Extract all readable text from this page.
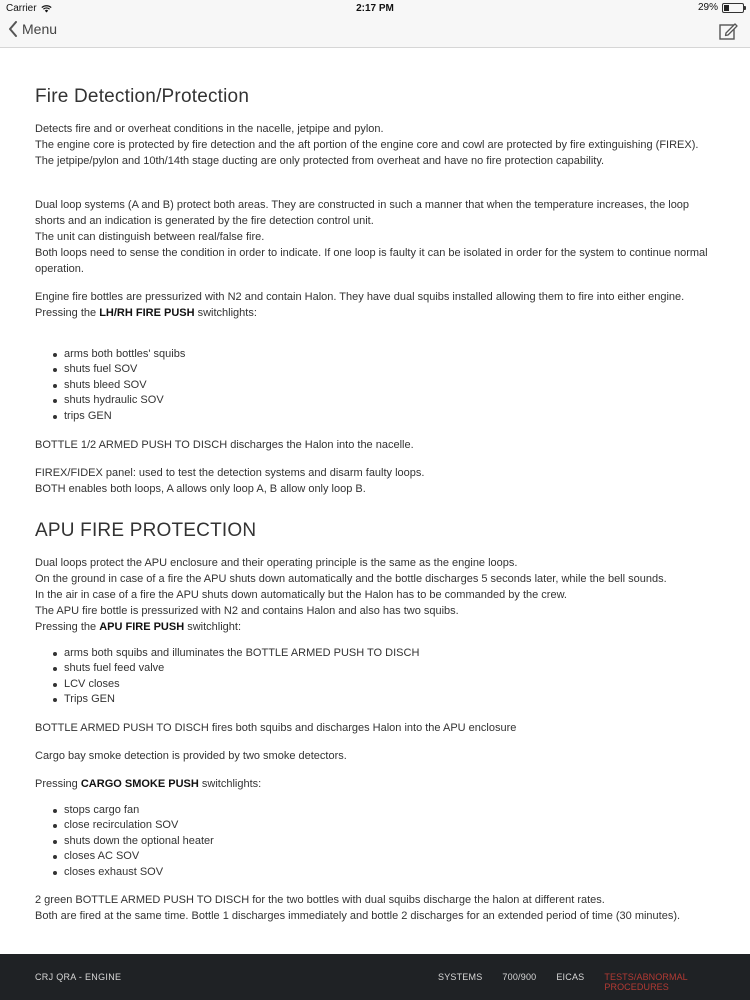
Carrier	2:17 PM	29%
Menu
Fire Detection/Protection

Detects fire and or overheat conditions in the nacelle, jetpipe and pylon.

The engine core is protected by fire detection and the aft portion of the engine core and cowl are protected by fire extinguishing (FIREX).

The jetpipe/pylon and 10th/14th stage ducting are only protected from overheat and have no fire protection capability.

Dual loop systems (A and B) protect both areas. They are constructed in such a manner that when the temperature increases, the loop shorts and an indication is generated by the fire detection control unit.

The unit can distinguish between real/false fire.

Both loops need to sense the condition in order to indicate. If one loop is faulty it can be isolated in order for the system to continue normal operation.

Engine fire bottles are pressurized with N2 and contain Halon. They have dual squibs installed allowing them to fire into either engine.

Pressing the LH/RH FIRE PUSH switchlights:

arms both bottles' squibs
shuts fuel SOV
shuts bleed SOV
shuts hydraulic SOV
trips GEN

BOTTLE 1/2 ARMED PUSH TO DISCH discharges the Halon into the nacelle.

FIREX/FIDEX panel: used to test the detection systems and disarm faulty loops.

BOTH enables both loops, A allows only loop A, B allow only loop B.

APU FIRE PROTECTION

Dual loops protect the APU enclosure and their operating principle is the same as the engine loops.

On the ground in case of a fire the APU shuts down automatically and the bottle discharges 5 seconds later, while the bell sounds.

In the air in case of a fire the APU shuts down automatically but the Halon has to be commanded by the crew.

The APU fire bottle is pressurized with N2 and contains Halon and also has two squibs.

Pressing the APU FIRE PUSH switchlight:

arms both squibs and illuminates the BOTTLE ARMED PUSH TO DISCH
shuts fuel feed valve
LCV closes
Trips GEN

BOTTLE ARMED PUSH TO DISCH fires both squibs and discharges Halon into the APU enclosure

Cargo bay smoke detection is provided by two smoke detectors.

Pressing CARGO SMOKE PUSH switchlights:

stops cargo fan
close recirculation SOV
shuts down the optional heater
closes AC SOV
closes exhaust SOV

2 green BOTTLE ARMED PUSH TO DISCH for the two bottles with dual squibs discharge the halon at different rates.

Both are fired at the same time. Bottle 1 discharges immediately and bottle 2 discharges for an extended period of time (30 minutes).

CRJ QRA - ENGINE	SYSTEMS 700/900 EICAS TESTS/ABNORMAL PROCEDURES
